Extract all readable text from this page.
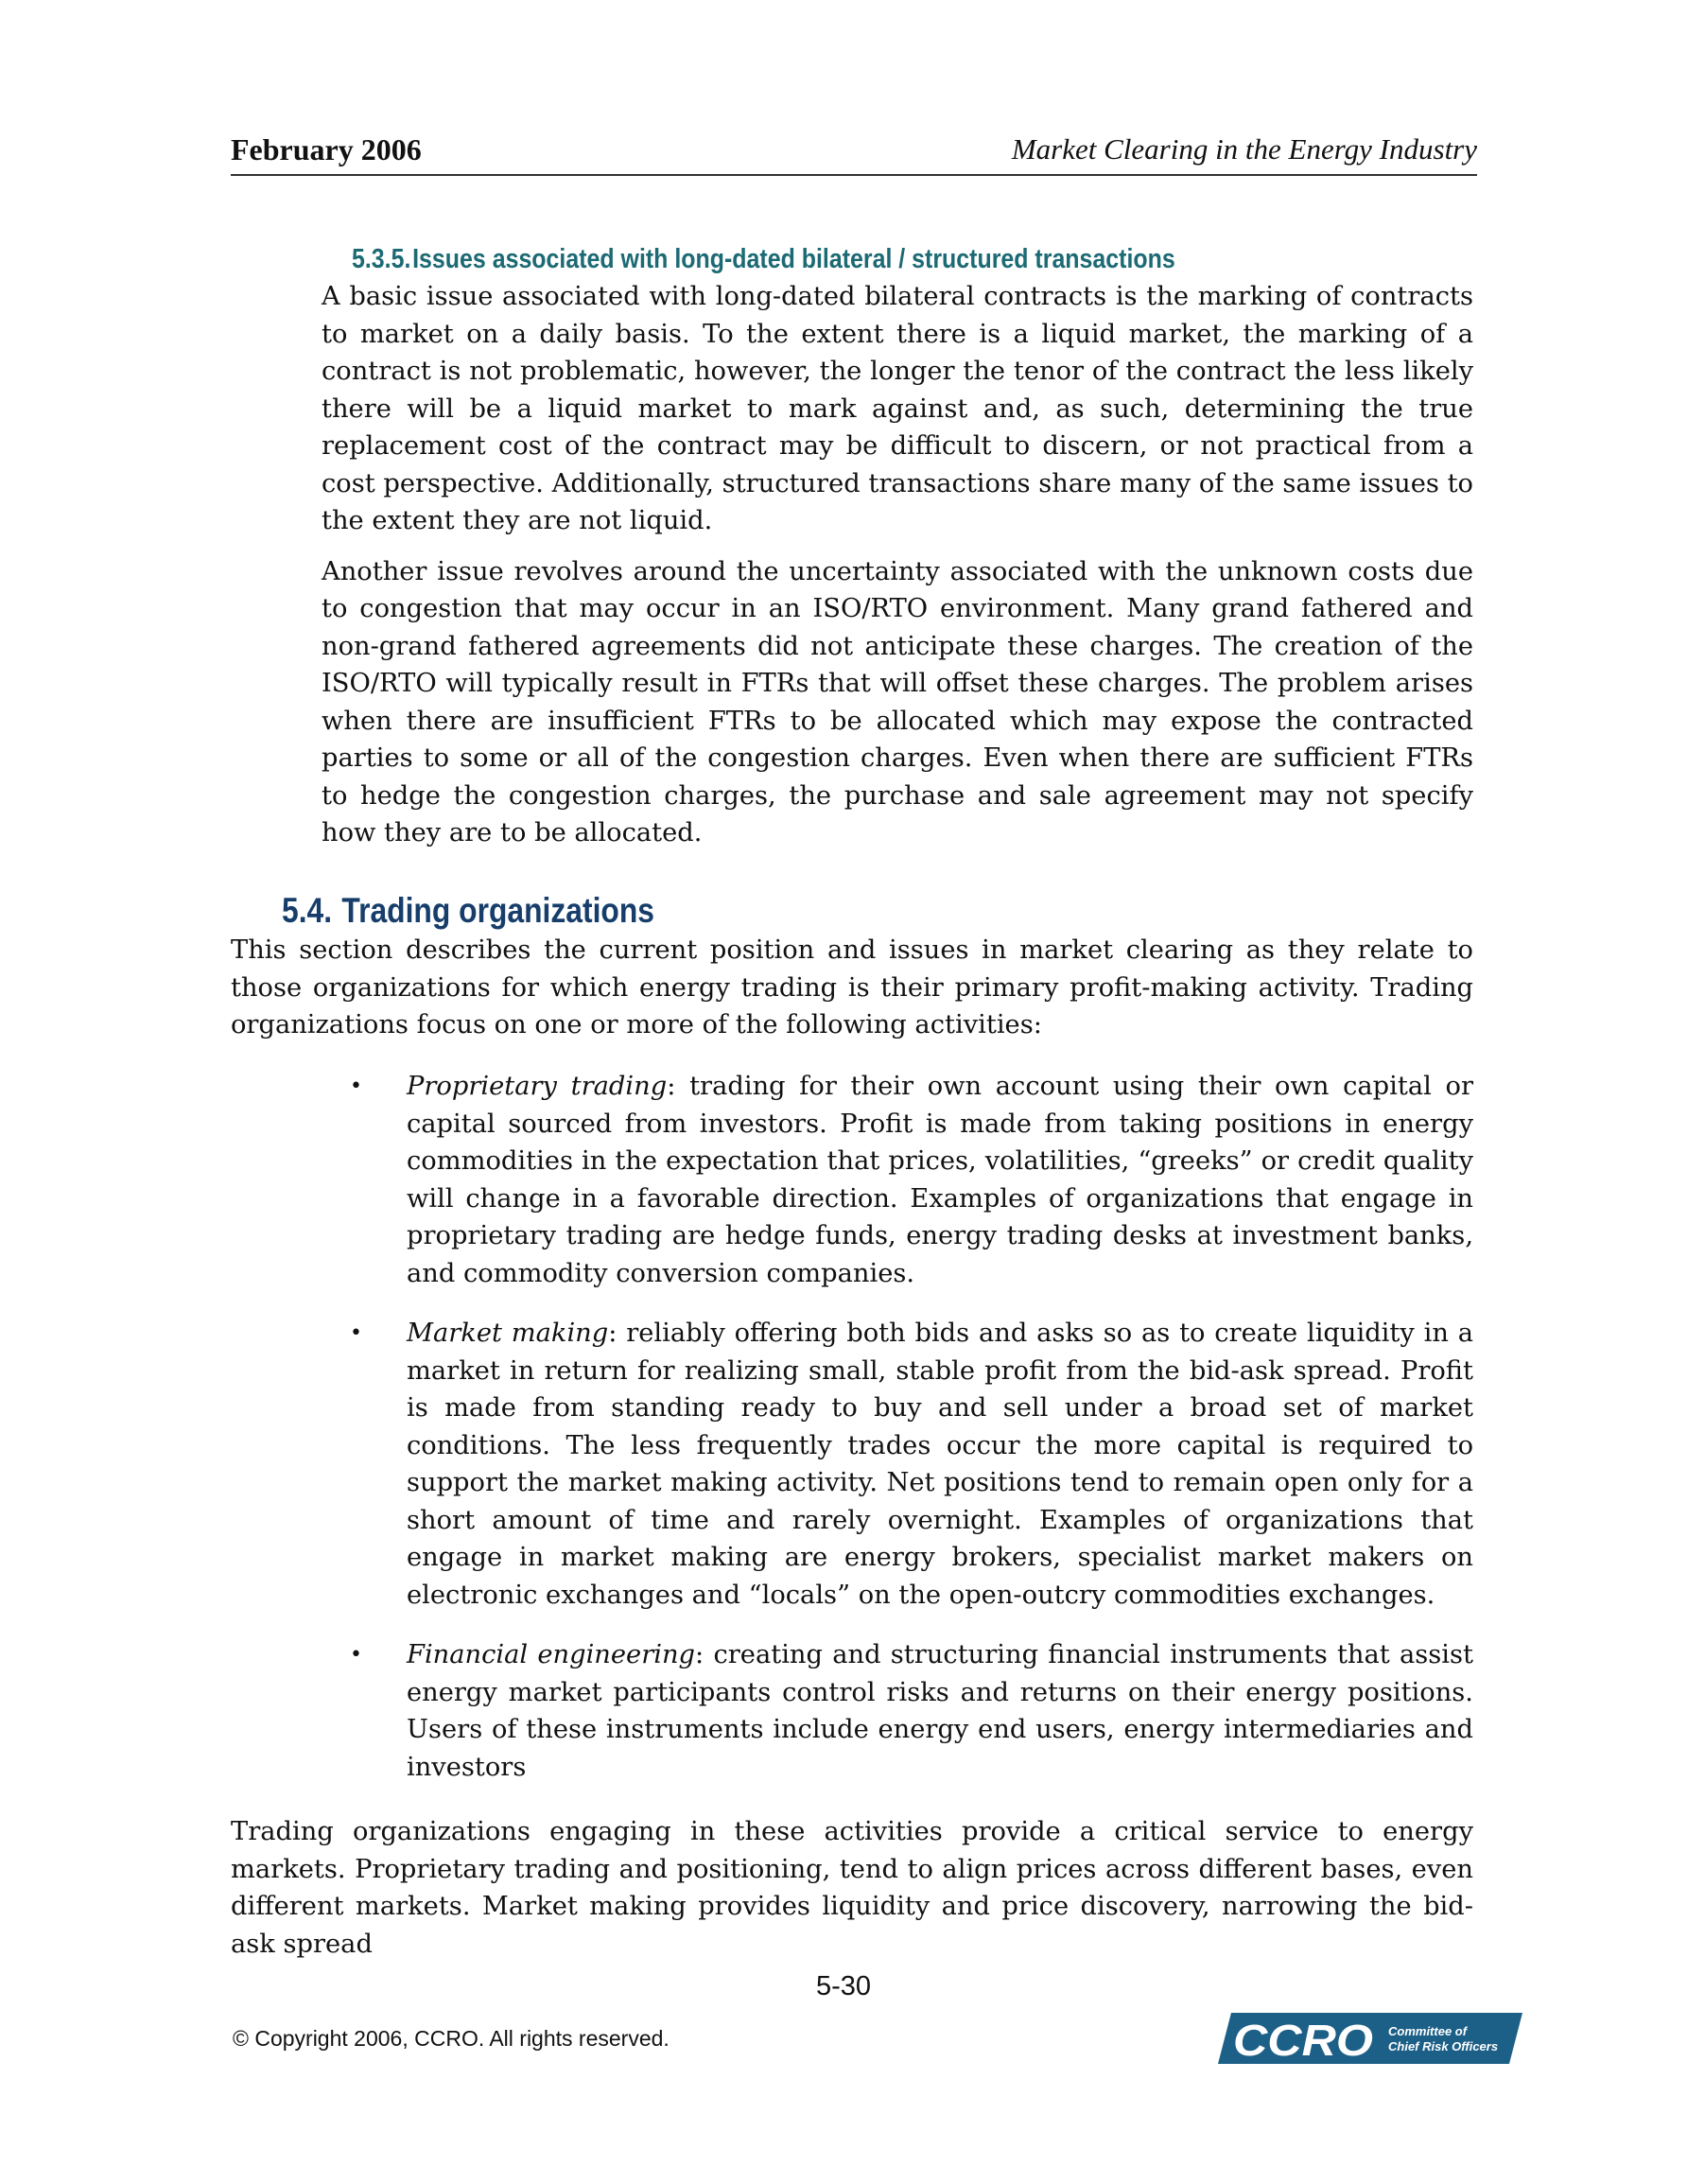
February 2006	Market Clearing in the Energy Industry
5.3.5.Issues associated with long-dated bilateral / structured transactions

A basic issue associated with long-dated bilateral contracts is the marking of contracts to market on a daily basis. To the extent there is a liquid market, the marking of a contract is not problematic, however, the longer the tenor of the contract the less likely there will be a liquid market to mark against and, as such, determining the true replacement cost of the contract may be difficult to discern, or not practical from a cost perspective. Additionally, structured transactions share many of the same issues to the extent they are not liquid.

Another issue revolves around the uncertainty associated with the unknown costs due to congestion that may occur in an ISO/RTO environment. Many grand fathered and non-grand fathered agreements did not anticipate these charges. The creation of the ISO/RTO will typically result in FTRs that will offset these charges. The problem arises when there are insufficient FTRs to be allocated which may expose the contracted parties to some or all of the congestion charges. Even when there are sufficient FTRs to hedge the congestion charges, the purchase and sale agreement may not specify how they are to be allocated.

5.4. Trading organizations

This section describes the current position and issues in market clearing as they relate to those organizations for which energy trading is their primary profit-making activity. Trading organizations focus on one or more of the following activities:

• Proprietary trading: trading for their own account using their own capital or capital sourced from investors. Profit is made from taking positions in energy commodities in the expectation that prices, volatilities, “greeks” or credit quality will change in a favorable direction. Examples of organizations that engage in proprietary trading are hedge funds, energy trading desks at investment banks, and commodity conversion companies.

• Market making: reliably offering both bids and asks so as to create liquidity in a market in return for realizing small, stable profit from the bid-ask spread. Profit is made from standing ready to buy and sell under a broad set of market conditions. The less frequently trades occur the more capital is required to support the market making activity. Net positions tend to remain open only for a short amount of time and rarely overnight. Examples of organizations that engage in market making are energy brokers, specialist market makers on electronic exchanges and “locals” on the open-outcry commodities exchanges.

• Financial engineering: creating and structuring financial instruments that assist energy market participants control risks and returns on their energy positions. Users of these instruments include energy end users, energy intermediaries and investors

Trading organizations engaging in these activities provide a critical service to energy markets. Proprietary trading and positioning, tend to align prices across different bases, even different markets. Market making provides liquidity and price discovery, narrowing the bid-ask spread

5-30
© Copyright 2006, CCRO. All rights reserved.	CCRO Committee of
Chief Risk Officers
